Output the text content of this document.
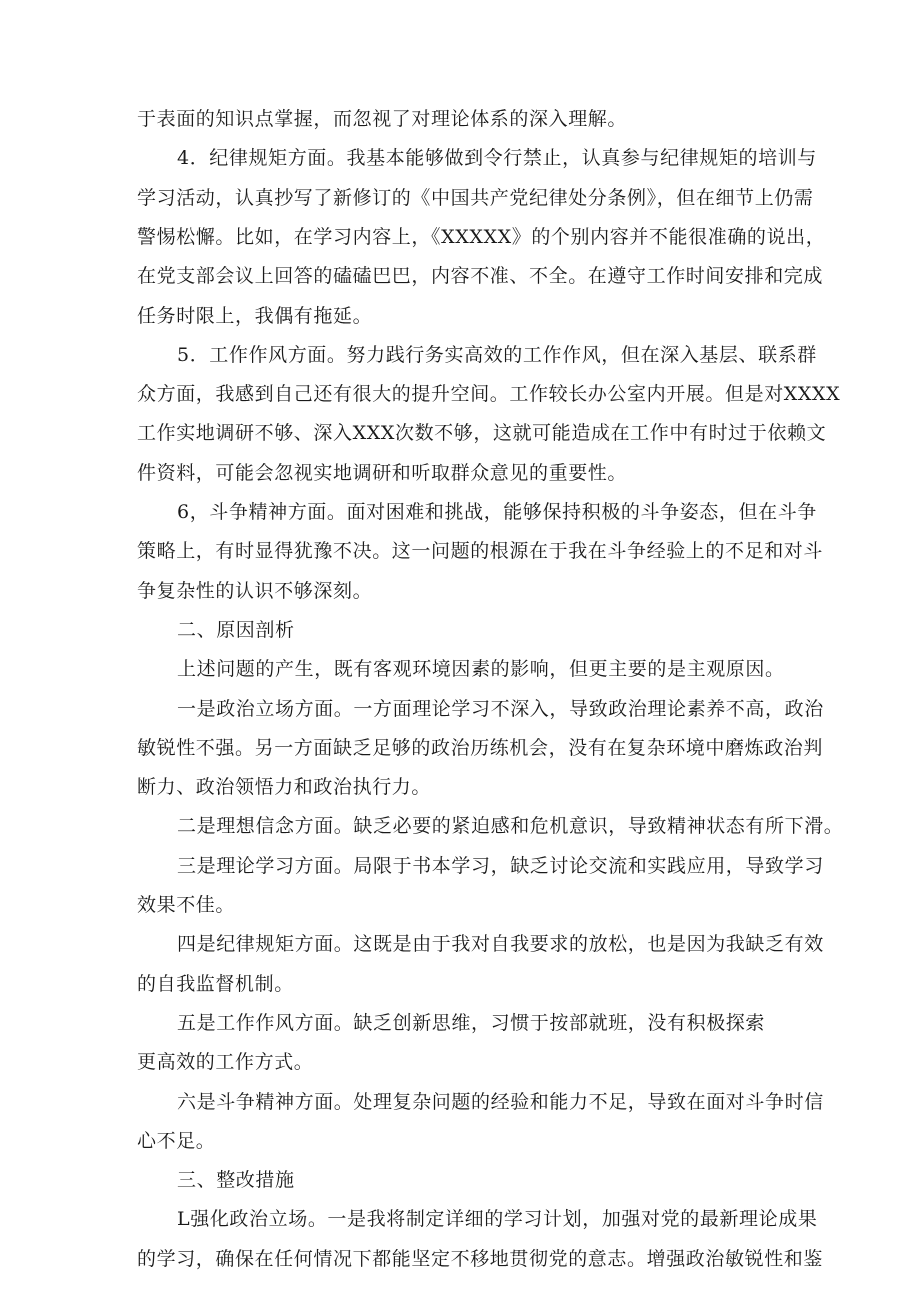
于表面的知识点掌握，而忽视了对理论体系的深入理解。
4．纪律规矩方面。我基本能够做到令行禁止，认真参与纪律规矩的培训与
学习活动，认真抄写了新修订的《中国共产党纪律处分条例》，但在细节上仍需
警惕松懈。比如，在学习内容上，《XXXXX》的个别内容并不能很准确的说出，
在党支部会议上回答的磕磕巴巴，内容不准、不全。在遵守工作时间安排和完成
任务时限上，我偶有拖延。
5．工作作风方面。努力践行务实高效的工作作风，但在深入基层、联系群
众方面，我感到自己还有很大的提升空间。工作较长办公室内开展。但是对XXXX
工作实地调研不够、深入XXX次数不够，这就可能造成在工作中有时过于依赖文
件资料，可能会忽视实地调研和听取群众意见的重要性。
6，斗争精神方面。面对困难和挑战，能够保持积极的斗争姿态，但在斗争
策略上，有时显得犹豫不决。这一问题的根源在于我在斗争经验上的不足和对斗
争复杂性的认识不够深刻。
二、原因剖析
上述问题的产生，既有客观环境因素的影响，但更主要的是主观原因。
一是政治立场方面。一方面理论学习不深入，导致政治理论素养不高，政治
敏锐性不强。另一方面缺乏足够的政治历练机会，没有在复杂环境中磨炼政治判
断力、政治领悟力和政治执行力。
二是理想信念方面。缺乏必要的紧迫感和危机意识，导致精神状态有所下滑。
三是理论学习方面。局限于书本学习，缺乏讨论交流和实践应用，导致学习
效果不佳。
四是纪律规矩方面。这既是由于我对自我要求的放松，也是因为我缺乏有效
的自我监督机制。
五是工作作风方面。缺乏创新思维，习惯于按部就班，没有积极探索
更高效的工作方式。
六是斗争精神方面。处理复杂问题的经验和能力不足，导致在面对斗争时信
心不足。
三、整改措施
L强化政治立场。一是我将制定详细的学习计划，加强对党的最新理论成果
的学习，确保在任何情况下都能坚定不移地贯彻党的意志。增强政治敏锐性和鉴
